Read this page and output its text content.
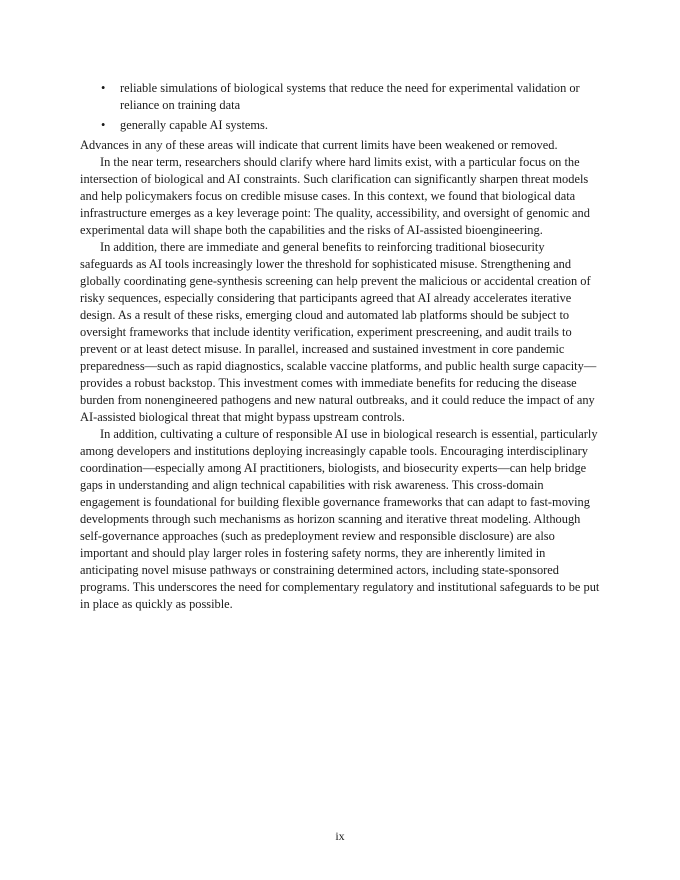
• reliable simulations of biological systems that reduce the need for experimental validation or reliance on training data
• generally capable AI systems.

Advances in any of these areas will indicate that current limits have been weakened or removed.

In the near term, researchers should clarify where hard limits exist, with a particular focus on the intersection of biological and AI constraints. Such clarification can significantly sharpen threat models and help policymakers focus on credible misuse cases. In this context, we found that biological data infrastructure emerges as a key leverage point: The quality, accessibility, and oversight of genomic and experimental data will shape both the capabilities and the risks of AI-assisted bioengineering.

In addition, there are immediate and general benefits to reinforcing traditional biosecurity safeguards as AI tools increasingly lower the threshold for sophisticated misuse. Strengthening and globally coordinating gene-synthesis screening can help prevent the malicious or accidental creation of risky sequences, especially considering that participants agreed that AI already accelerates iterative design. As a result of these risks, emerging cloud and automated lab platforms should be subject to oversight frameworks that include identity verification, experiment prescreening, and audit trails to prevent or at least detect misuse. In parallel, increased and sustained investment in core pandemic preparedness—such as rapid diagnostics, scalable vaccine platforms, and public health surge capacity—provides a robust backstop. This investment comes with immediate benefits for reducing the disease burden from nonengineered pathogens and new natural outbreaks, and it could reduce the impact of any AI-assisted biological threat that might bypass upstream controls.

In addition, cultivating a culture of responsible AI use in biological research is essential, particularly among developers and institutions deploying increasingly capable tools. Encouraging interdisciplinary coordination—especially among AI practitioners, biologists, and biosecurity experts—can help bridge gaps in understanding and align technical capabilities with risk awareness. This cross-domain engagement is foundational for building flexible governance frameworks that can adapt to fast-moving developments through such mechanisms as horizon scanning and iterative threat modeling. Although self-governance approaches (such as predeployment review and responsible disclosure) are also important and should play larger roles in fostering safety norms, they are inherently limited in anticipating novel misuse pathways or constraining determined actors, including state-sponsored programs. This underscores the need for complementary regulatory and institutional safeguards to be put in place as quickly as possible.

ix
